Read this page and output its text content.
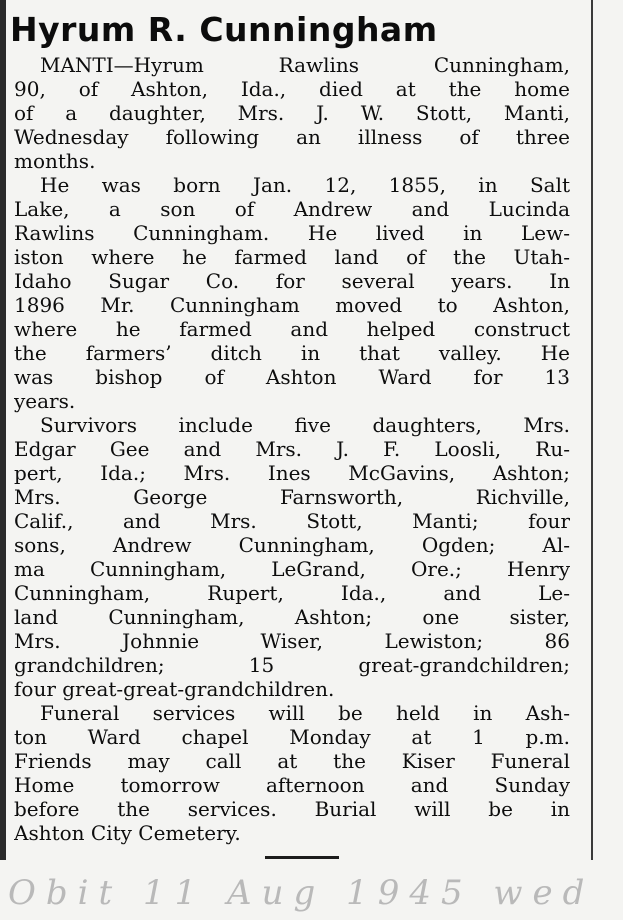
Hyrum R. Cunningham
MANTI—Hyrum Rawlins Cunningham,
90, of Ashton, Ida., died at the home
of a daughter, Mrs. J. W. Stott, Manti,
Wednesday following an illness of three
months.
He was born Jan. 12, 1855, in Salt
Lake, a son of Andrew and Lucinda
Rawlins Cunningham. He lived in Lew-
iston where he farmed land of the Utah-
Idaho Sugar Co. for several years. In
1896 Mr. Cunningham moved to Ashton,
where he farmed and helped construct
the farmers’ ditch in that valley. He
was bishop of Ashton Ward for 13
years.
Survivors include five daughters, Mrs.
Edgar Gee and Mrs. J. F. Loosli, Ru-
pert, Ida.; Mrs. Ines McGavins, Ashton;
Mrs. George Farnsworth, Richville,
Calif., and Mrs. Stott, Manti; four
sons, Andrew Cunningham, Ogden; Al-
ma Cunningham, LeGrand, Ore.; Henry
Cunningham, Rupert, Ida., and Le-
land Cunningham, Ashton; one sister,
Mrs. Johnnie Wiser, Lewiston; 86
grandchildren; 15 great-grandchildren;
four great-great-grandchildren.
Funeral services will be held in Ash-
ton Ward chapel Monday at 1 p.m.
Friends may call at the Kiser Funeral
Home tomorrow afternoon and Sunday
before the services. Burial will be in
Ashton City Cemetery.
Obit 11 Aug 1945 wed
